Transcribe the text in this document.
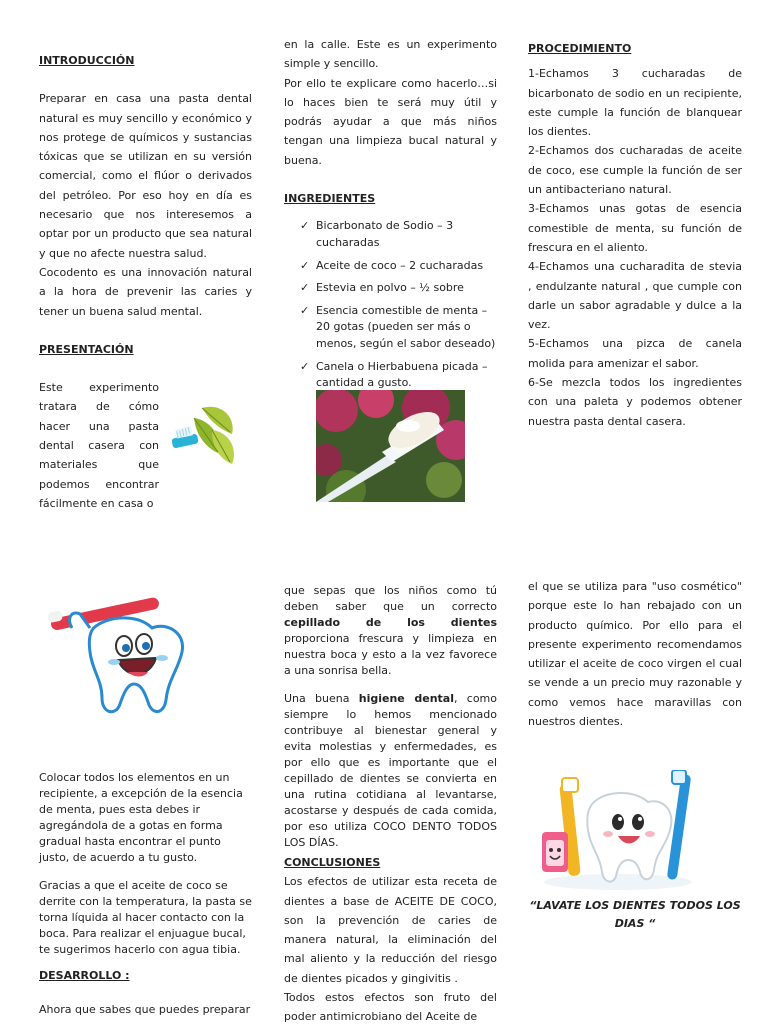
INTRODUCCIÓN

Preparar en casa una pasta dental natural es muy sencillo y económico y nos protege de químicos y sustancias tóxicas que se utilizan en su versión comercial, como el flúor o derivados del petróleo. Por eso hoy en día es necesario que nos interesemos a optar por un producto que sea natural y que no afecte nuestra salud.

Cocodento es una innovación natural a la hora de prevenir las caries y tener un buena salud mental.

PRESENTACIÓN

Este experimento tratara de cómo hacer una pasta dental casera con materiales que podemos encontrar fácilmente en casa o

en la calle. Este es un experimento simple y sencillo.

Por ello te explicare como hacerlo…si lo haces bien te será muy útil y podrás ayudar a que más niños tengan una limpieza bucal natural y buena.

INGREDIENTES

✓ Bicarbonato de Sodio – 3 cucharadas
✓ Aceite de coco – 2 cucharadas
✓ Estevia en polvo – ½ sobre
✓ Esencia comestible de menta – 20 gotas (pueden ser más o menos, según el sabor deseado)
✓ Canela o Hierbabuena picada – cantidad a gusto.

PROCEDIMIENTO

1-Echamos 3 cucharadas de bicarbonato de sodio en un recipiente, este cumple la función de blanquear los dientes.

2-Echamos dos cucharadas de aceite de coco, ese cumple la función de ser un antibacteriano natural.

3-Echamos unas gotas de esencia comestible de menta, su función de frescura en el aliento.

4-Echamos una cucharadita de stevia , endulzante natural , que cumple con darle un sabor agradable y dulce a la vez.

5-Echamos una pizca de canela molida para amenizar el sabor.

6-Se mezcla todos los ingredientes con una paleta y podemos obtener nuestra pasta dental casera.

Colocar todos los elementos en un recipiente, a excepción de la esencia de menta, pues esta debes ir agregándola de a gotas en forma gradual hasta encontrar el punto justo, de acuerdo a tu gusto.

Gracias a que el aceite de coco se derrite con la temperatura, la pasta se torna líquida al hacer contacto con la boca. Para realizar el enjuague bucal, te sugerimos hacerlo con agua tibia.

DESARROLLO :

Ahora que sabes que puedes preparar

que sepas que los niños como tú deben saber que un correcto cepillado de los dientes proporciona frescura y limpieza en nuestra boca y esto a la vez favorece a una sonrisa bella.

Una buena higiene dental, como siempre lo hemos mencionado contribuye al bienestar general y evita molestias y enfermedades, es por ello que es importante que el cepillado de dientes se convierta en una rutina cotidiana al levantarse, acostarse y después de cada comida, por eso utiliza COCO DENTO TODOS LOS DÍAS.

CONCLUSIONES

Los efectos de utilizar esta receta de dientes a base de ACEITE DE COCO, son la prevención de caries de manera natural, la eliminación del mal aliento y la reducción del riesgo de dientes picados y gingivitis .

Todos estos efectos son fruto del poder antimicrobiano del Aceite de

el que se utiliza para "uso cosmético" porque este lo han rebajado con un producto químico. Por ello para el presente experimento recomendamos utilizar el aceite de coco virgen el cual se vende a un precio muy razonable y como vemos hace maravillas con nuestros dientes.

“LAVATE LOS DIENTES TODOS LOS DIAS “
